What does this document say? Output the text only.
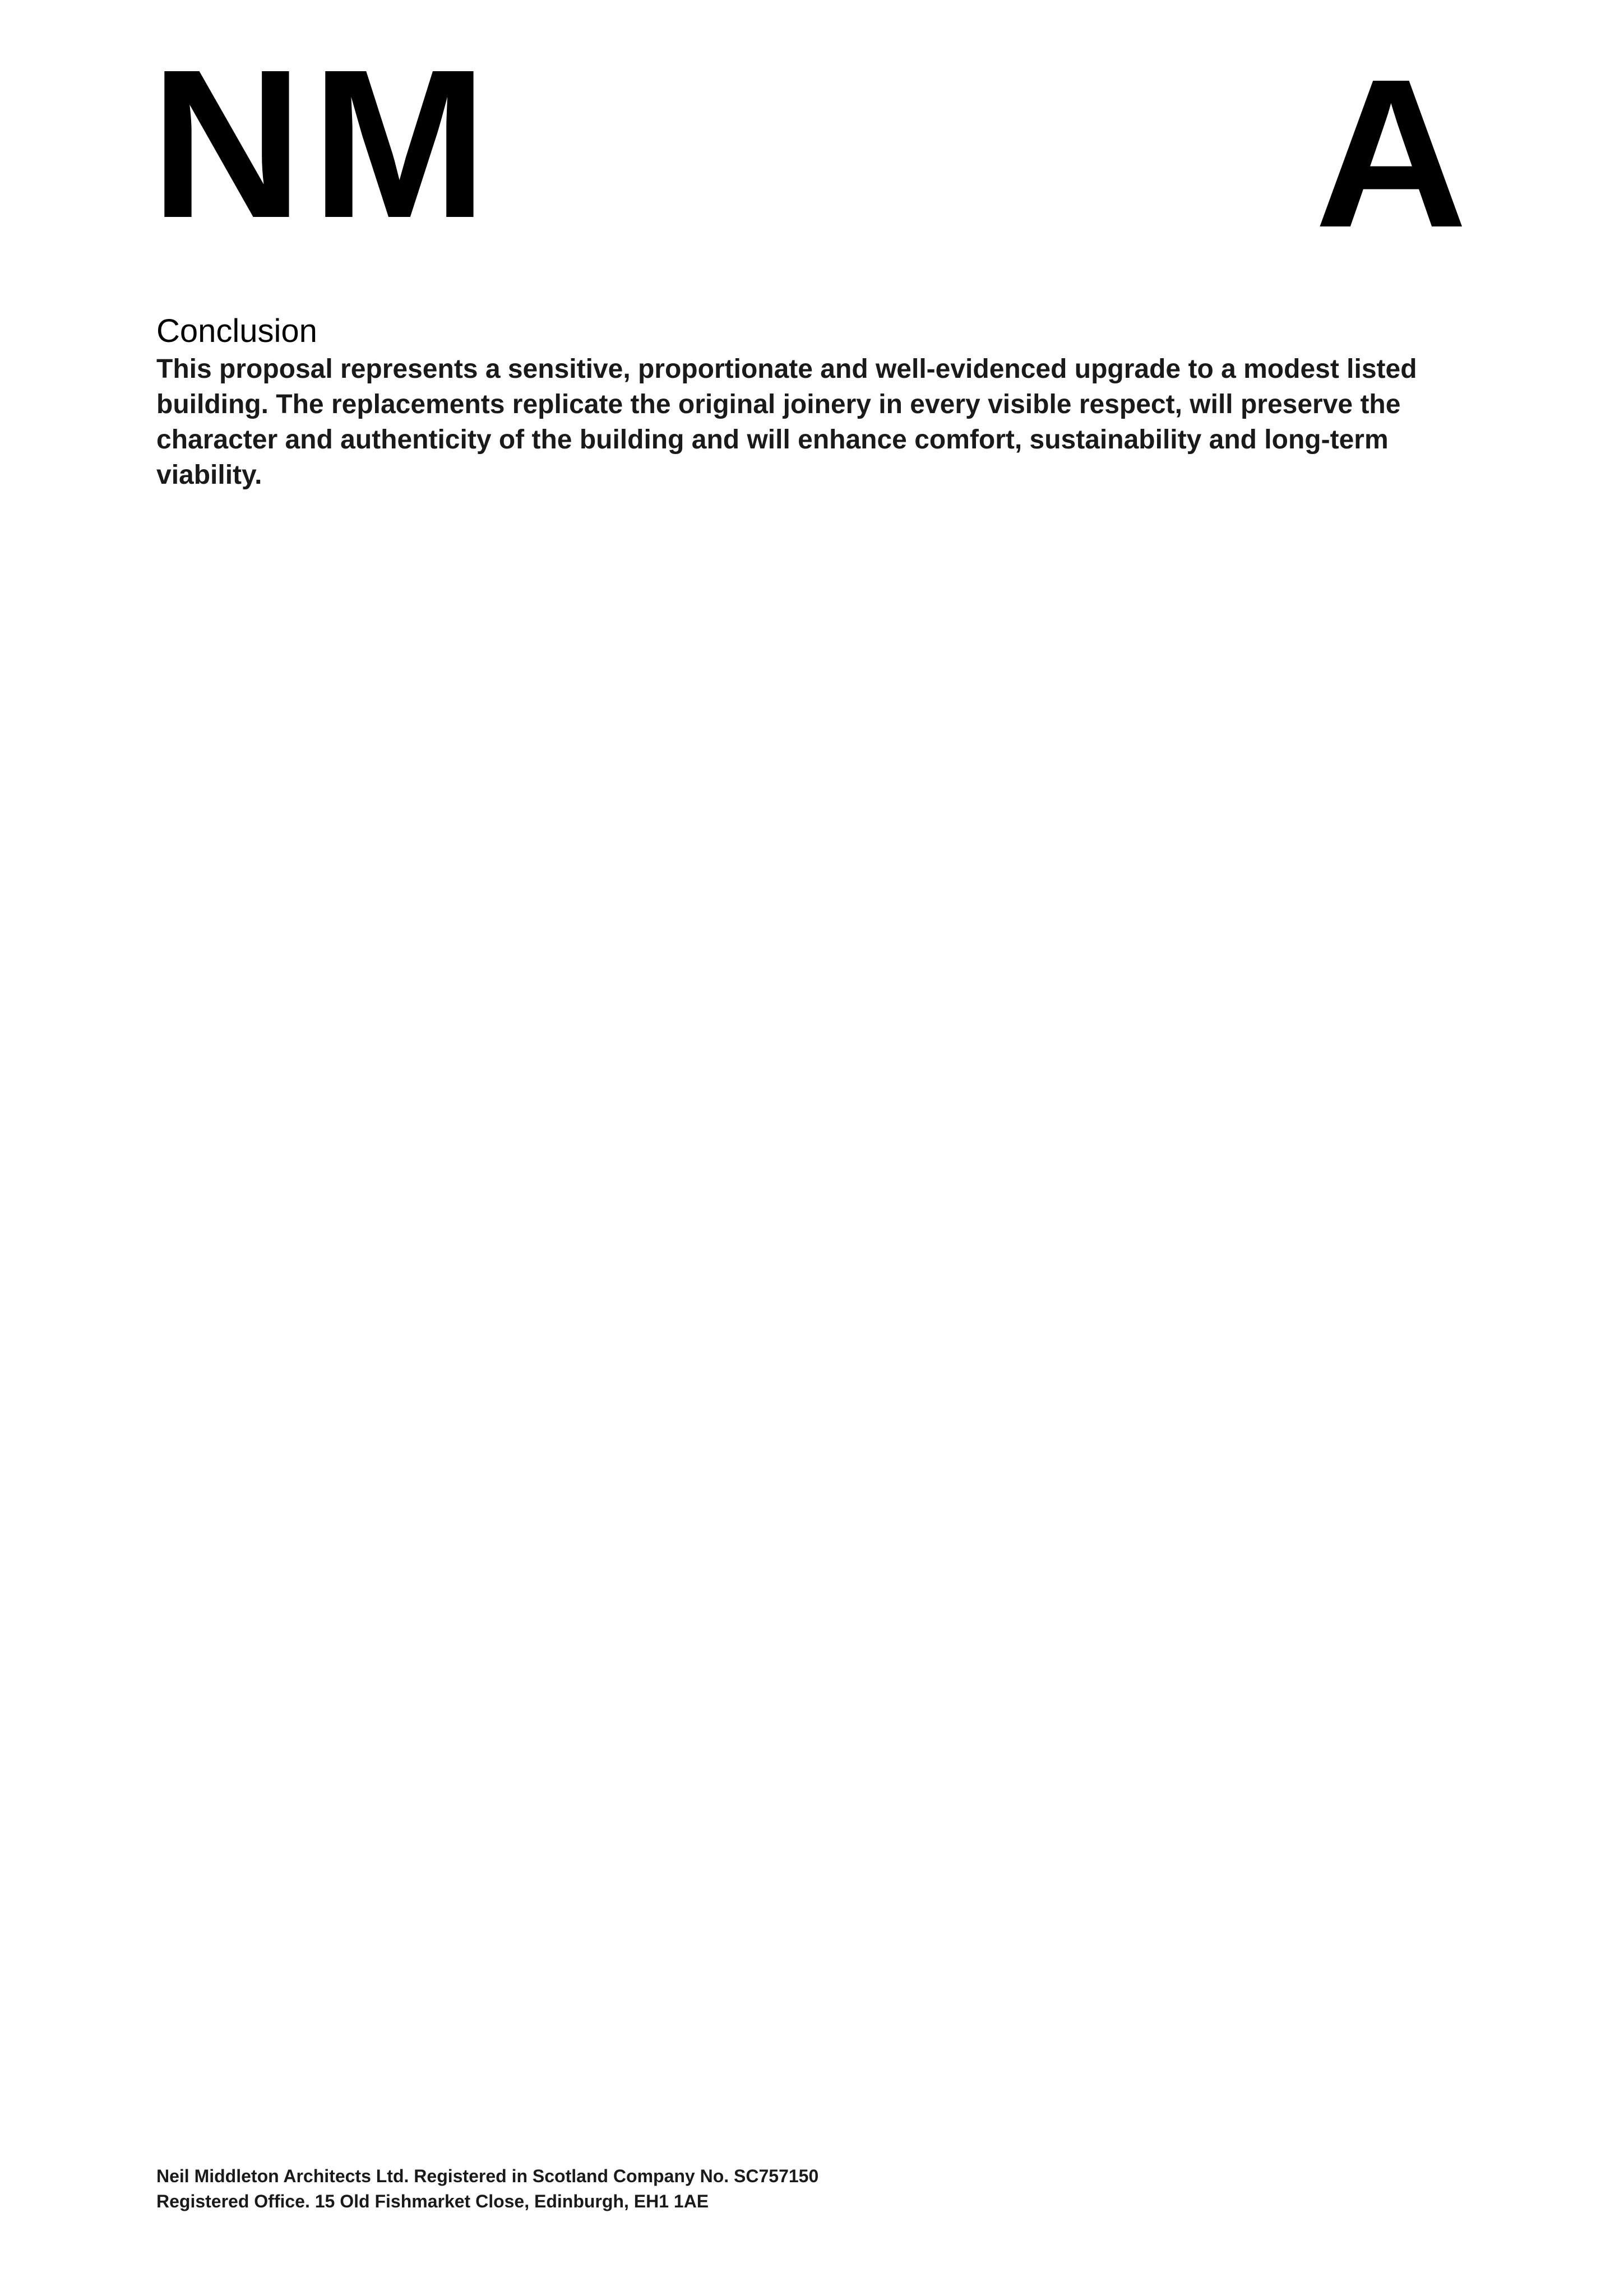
NM	A
Conclusion

This proposal represents a sensitive, proportionate and well-evidenced upgrade to a modest listed building. The replacements replicate the original joinery in every visible respect, will preserve the character and authenticity of the building and will enhance comfort, sustainability and long-term viability.

Neil Middleton Architects Ltd. Registered in Scotland Company No. SC757150

Registered Office. 15 Old Fishmarket Close, Edinburgh, EH1 1AE
